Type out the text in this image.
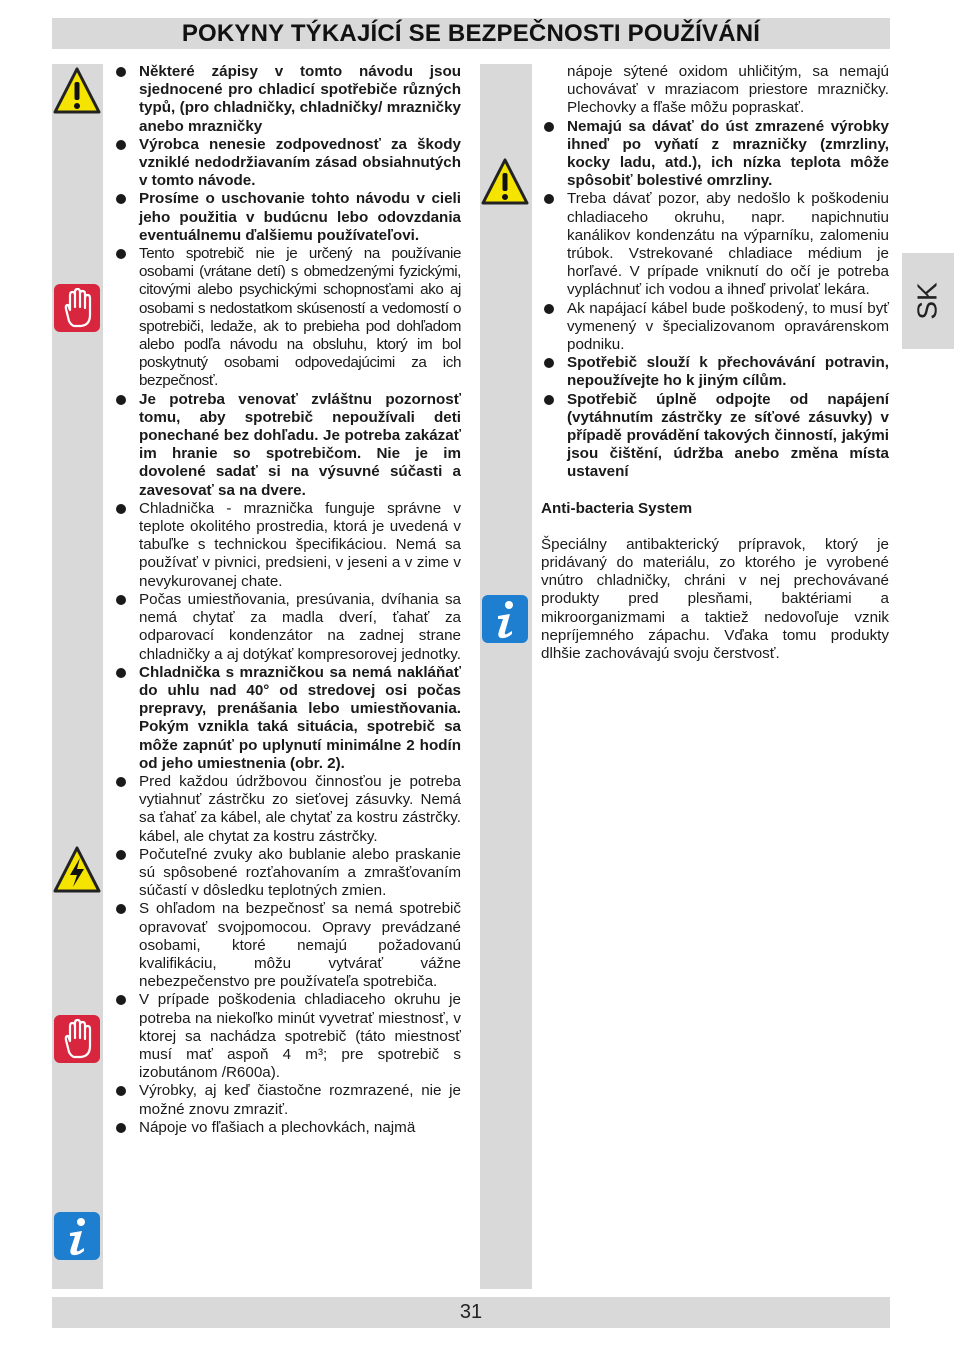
POKYNY TÝKAJÍCÍ SE BEZPEČNOSTI POUŽÍVÁNÍ
SK
Některé zápisy v tomto návodu jsou sjednocené pro chladicí spotřebiče různých typů, (pro chladničky, chladničky/ mrazničky anebo mrazničky
Výrobca nenesie zodpovednosť za škody vzniklé nedodržiavaním zásad obsiahnutých v tomto návode.
Prosíme o uschovanie tohto návodu v cieli jeho použitia v budúcnu lebo odovzdania eventuálnemu ďalšiemu používateľovi.
Tento spotrebič nie je určený na používanie osobami (vrátane detí) s obmedzenými fyzickými, citovými alebo psychickými schopnosťami ako aj osobami s nedostatkom skúseností a vedomostí o spotrebiči, ledaže, ak to prebieha pod dohľadom alebo podľa návodu na obsluhu, ktorý im bol poskytnutý osobami odpovedajúcimi za ich bezpečnosť.
Je potreba venovať zvláštnu pozornosť tomu, aby spotrebič nepoužívali deti ponechané bez dohľadu. Je potreba zakázať im hranie so spotrebičom. Nie je im dovolené sadať si na výsuvné súčasti a zavesovať sa na dvere.
Chladnička - mraznička funguje správne v teplote okolitého prostredia, ktorá je uvedená v tabuľke s technickou špecifikáciou. Nemá sa používať v pivnici, predsieni, v jeseni a v zime v nevykurovanej chate.
Počas umiestňovania, presúvania, dvíhania sa nemá chytať za madla dverí, ťahať za odparovací kondenzátor na zadnej strane chladničky a aj dotýkať kompresorovej jednotky.
Chladnička s mrazničkou sa nemá nakláňať do uhlu nad 40° od stredovej osi počas prepravy, prenášania lebo umiestňovania. Pokým vznikla taká situácia, spotrebič sa môže zapnúť po uplynutí minimálne 2 hodín od jeho umiestnenia (obr. 2).
Pred každou údržbovou činnosťou je potreba vytiahnuť zástrčku zo sieťovej zásuvky. Nemá sa ťahať za kábel, ale chytať za kostru zástrčky. kábel, ale chytat za kostru zástrčky.
Počuteľné zvuky ako bublanie alebo praskanie sú spôsobené rozťahovaním a zmrašťovaním súčastí v dôsledku teplotných zmien.
S ohľadom na bezpečnosť sa nemá spotrebič opravovať svojpomocou. Opravy prevádzané osobami, ktoré nemajú požadovanú kvalifikáciu, môžu vytvárať vážne nebezpečenstvo pre používateľa spotrebiča.
V prípade poškodenia chladiaceho okruhu je potreba na niekoľko minút vyvetrať miestnosť, v ktorej sa nachádza spotrebič (táto miestnosť musí mať aspoň 4 m³; pre spotrebič s izobutánom /R600a).
Výrobky, aj keď čiastočne rozmrazené, nie je možné znovu zmraziť.
Nápoje vo fľašiach a plechovkách, najmä
nápoje sýtené oxidom uhličitým, sa nemajú uchovávať v mraziacom priestore mrazničky. Plechovky a fľaše môžu popraskať.
Nemajú sa dávať do úst zmrazené výrobky ihneď po vyňatí z mrazničky (zmrzliny, kocky ladu, atd.), ich nízka teplota môže spôsobiť bolestivé omrzliny.
Treba dávať pozor, aby nedošlo k poškodeniu chladiaceho okruhu, napr. napichnutiu kanálikov kondenzátu na výparníku, zalomeniu trúbok. Vstrekované chladiace médium je horľavé. V prípade vniknutí do očí je potreba vypláchnuť ich vodou a ihneď privolať lekára.
Ak napájací kábel bude poškodený, to musí byť vymenený v špecializovanom opravárenskom podniku.
Spotřebič slouží k přechovávání potravin, nepoužívejte ho k jiným cílům.
Spotřebič úplně odpojte od napájení (vytáhnutím zástrčky ze síťové zásuvky) v případě provádění takových činností, jakými jsou čištění, údržba anebo změna místa ustavení
Anti-bacteria System

Špeciálny antibakterický prípravok, ktorý je pridávaný do materiálu, zo ktorého je vyrobené vnútro chladničky, chráni v nej prechovávané produkty pred plesňami, baktériami a mikroorganizmami a taktiež nedovoľuje vznik nepríjemného zápachu. Vďaka tomu produkty dlhšie zachovávajú svoju čerstvosť.

31
